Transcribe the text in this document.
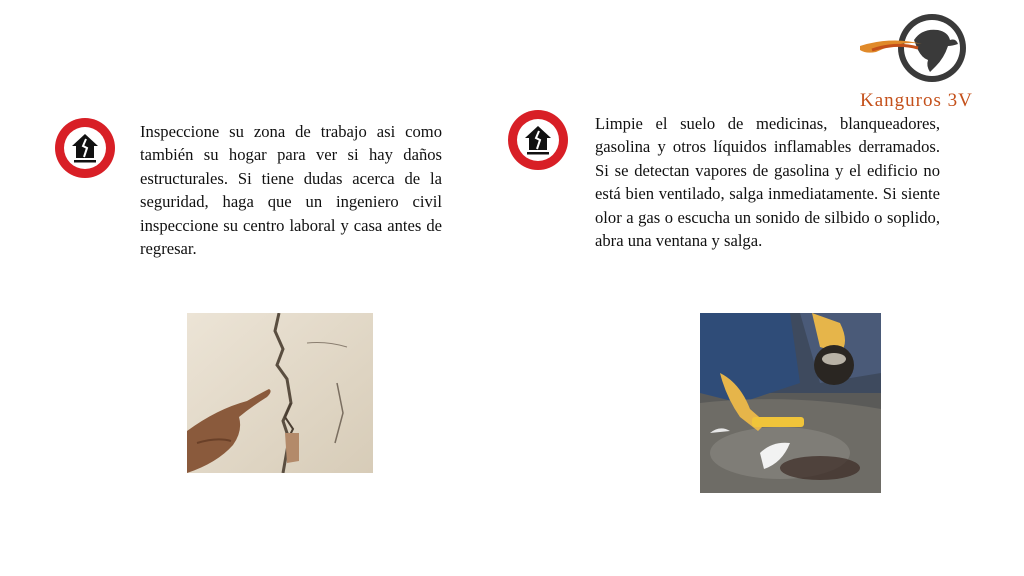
Kanguros 3V

Inspeccione su zona de trabajo asi como también su hogar para ver si hay daños estructurales. Si tiene dudas acerca de la seguridad, haga que un ingeniero civil inspeccione su centro laboral y casa antes de regresar.

Limpie el suelo de medicinas, blanqueadores, gasolina y otros líquidos inflamables derramados. Si se detectan vapores de gasolina y el edificio no está bien ventilado, salga inmediatamente. Si siente olor a gas o escucha un sonido de silbido o soplido, abra una ventana y salga.
